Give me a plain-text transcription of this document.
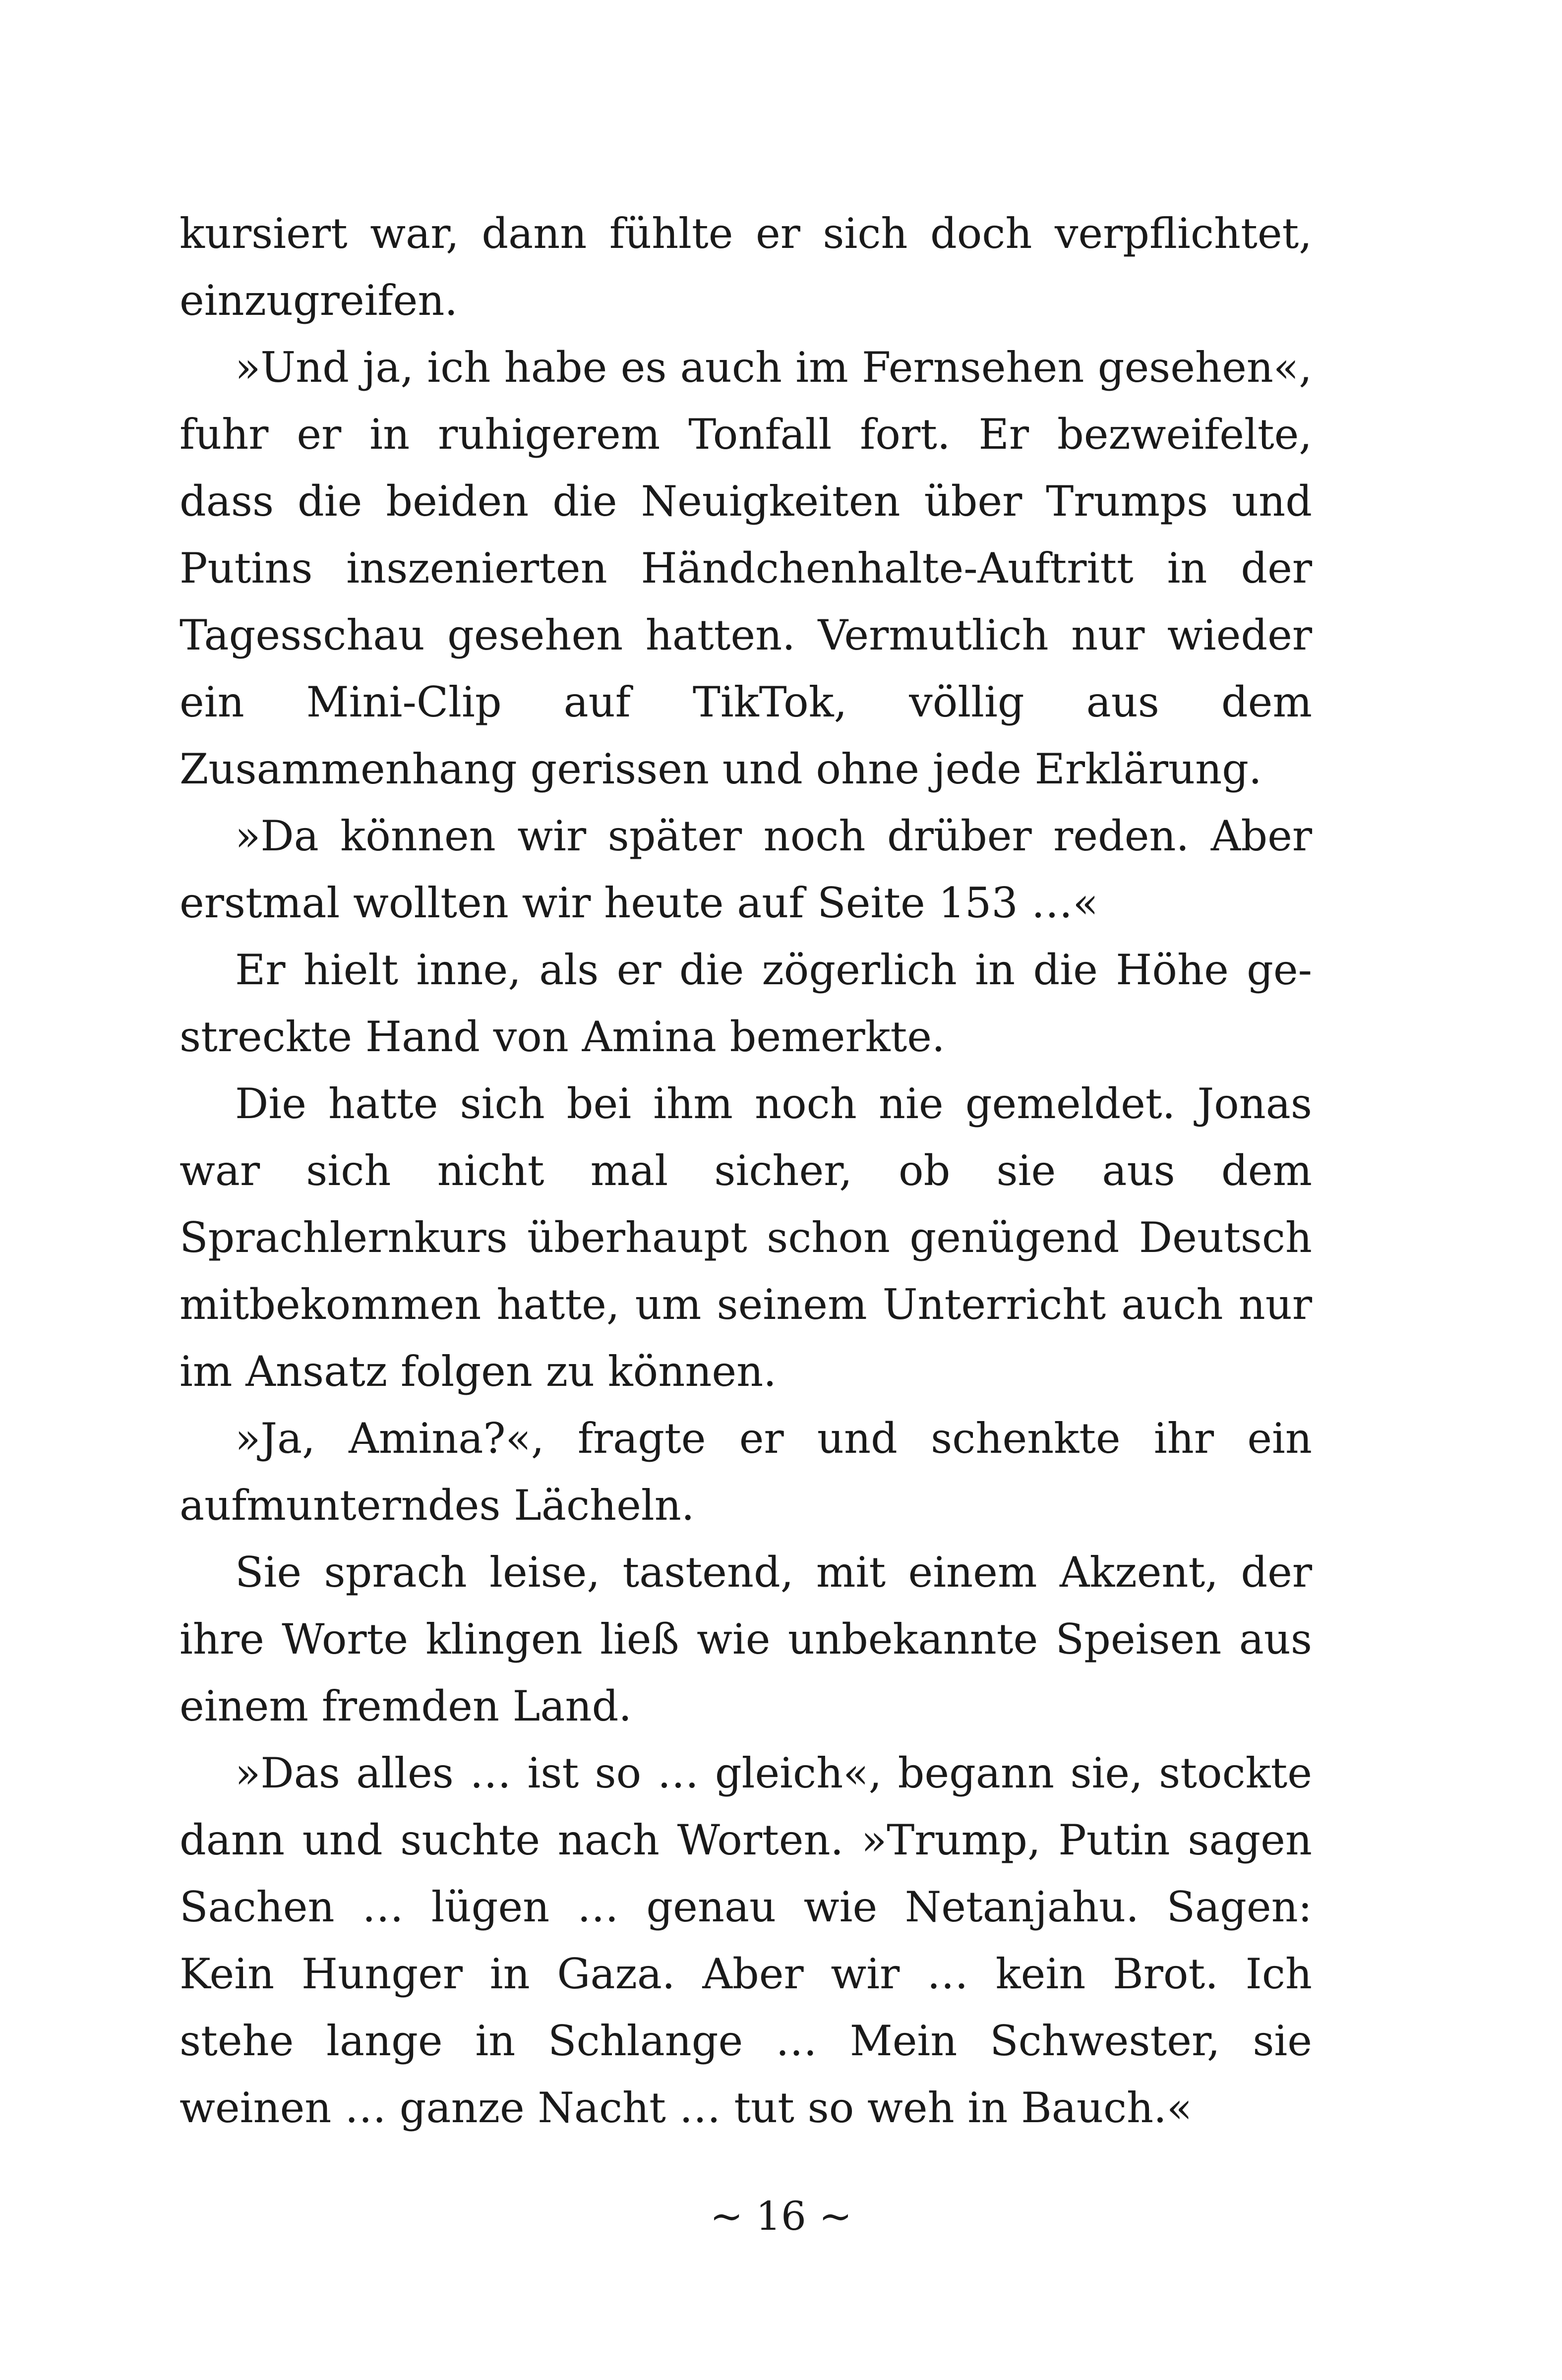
kursiert war, dann fühlte er sich doch verpflichtet, einzugreifen.

»Und ja, ich habe es auch im Fernsehen gesehen«, fuhr er in ruhigerem Tonfall fort. Er bezweifelte, dass die beiden die Neuigkeiten über Trumps und Putins inszenierten Händchenhalte-Auftritt in der Tagesschau gesehen hatten. Vermutlich nur wieder ein Mini-Clip auf TikTok, völlig aus dem Zusammenhang gerissen und ohne jede Erklärung.

»Da können wir später noch drüber reden. Aber erstmal wollten wir heute auf Seite 153 …«

Er hielt inne, als er die zögerlich in die Höhe gestreckte Hand von Amina bemerkte.

Die hatte sich bei ihm noch nie gemeldet. Jonas war sich nicht mal sicher, ob sie aus dem Sprachlernkurs überhaupt schon genügend Deutsch mitbekommen hatte, um seinem Unterricht auch nur im Ansatz folgen zu können.

»Ja, Amina?«, fragte er und schenkte ihr ein aufmunterndes Lächeln.

Sie sprach leise, tastend, mit einem Akzent, der ihre Worte klingen ließ wie unbekannte Speisen aus einem fremden Land.

»Das alles … ist so … gleich«, begann sie, stockte dann und suchte nach Worten. »Trump, Putin sagen Sachen … lügen … genau wie Netanjahu. Sagen: Kein Hunger in Gaza. Aber wir … kein Brot. Ich stehe lange in Schlange … Mein Schwester, sie weinen … ganze Nacht … tut so weh in Bauch.«

~ 16 ~
